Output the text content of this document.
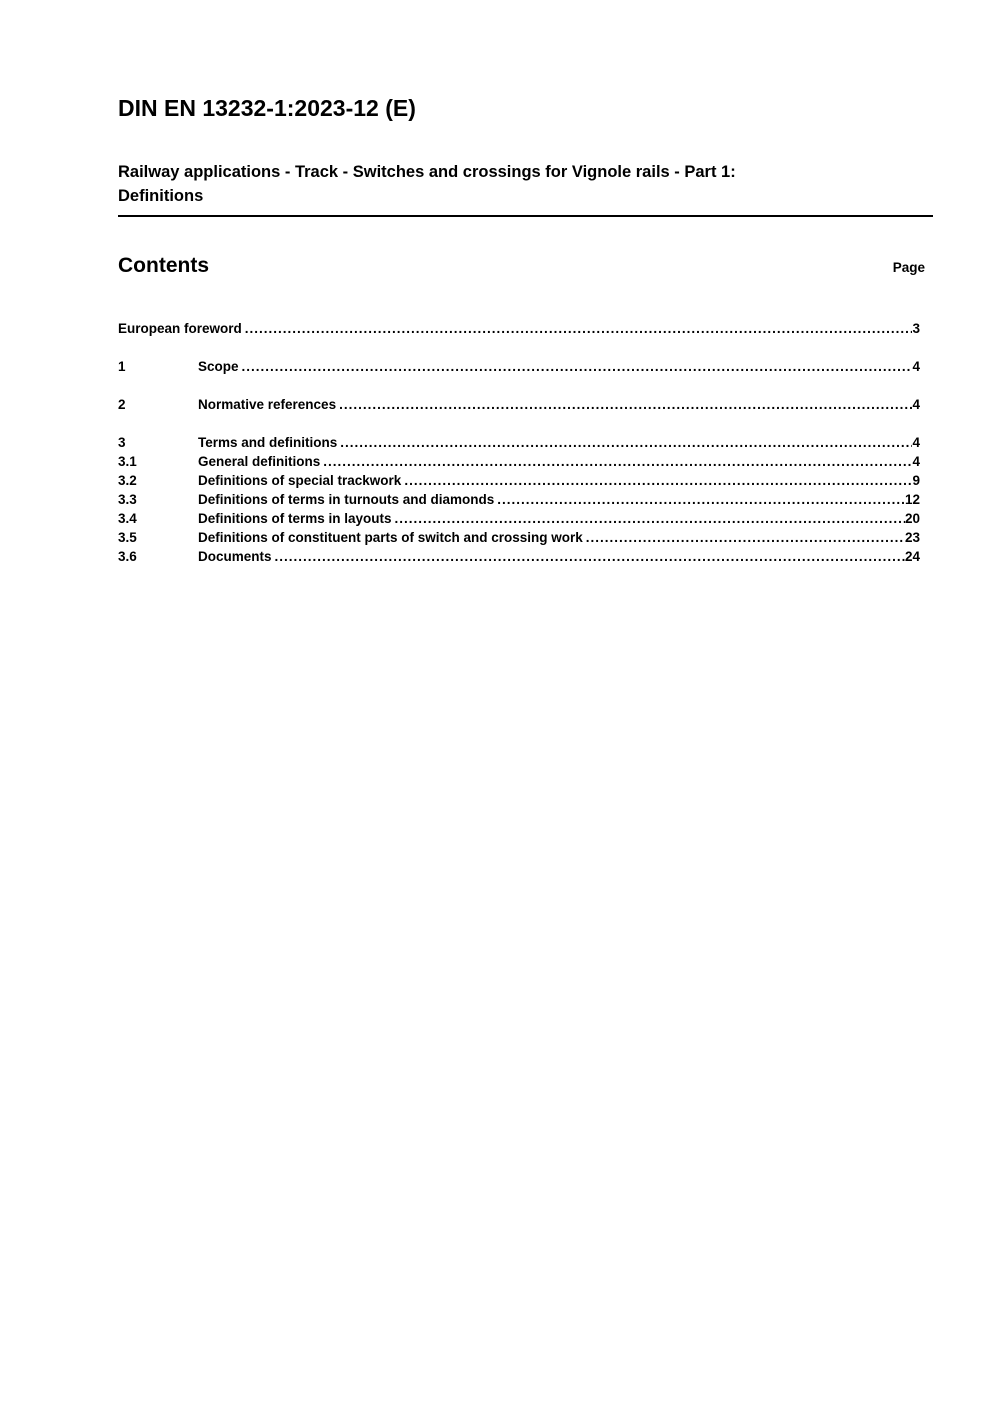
DIN EN 13232-1:2023-12 (E)
Railway applications - Track - Switches and crossings for Vignole rails - Part 1:
Definitions
Contents	Page
European foreword .....	3
1	Scope .....	4
2	Normative references .....	4
3	Terms and definitions .....	4
3.1	General definitions .....	4
3.2	Definitions of special trackwork .....	9
3.3	Definitions of terms in turnouts and diamonds .....	12
3.4	Definitions of terms in layouts .....	20
3.5	Definitions of constituent parts of switch and crossing work .....	23
3.6	Documents .....	24
